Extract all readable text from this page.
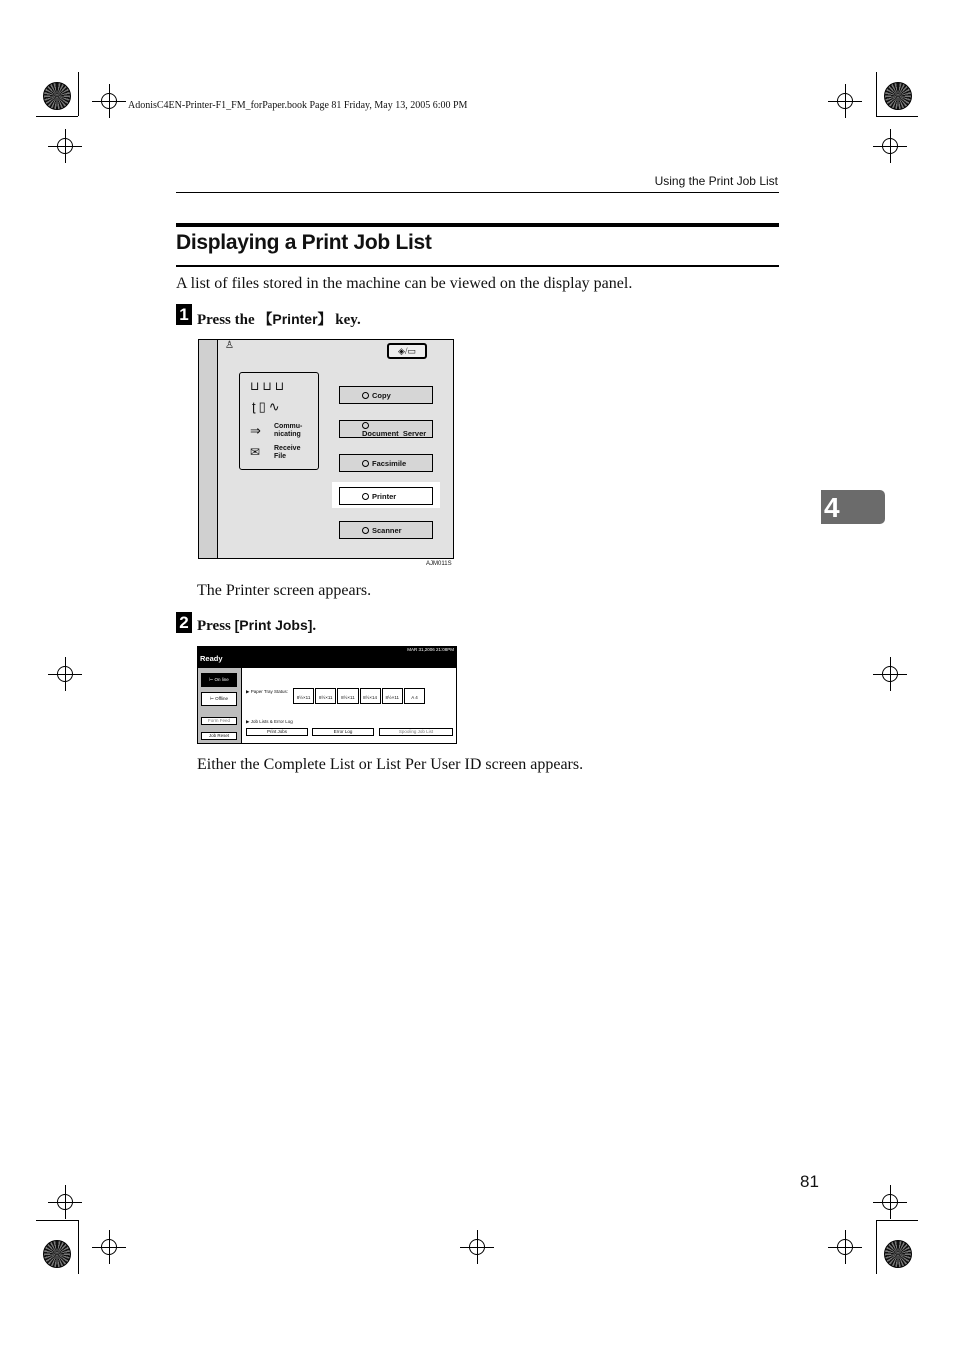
AdonisC4EN-Printer-F1_FM_forPaper.book Page 81 Friday, May 13, 2005 6:00 PM
Using the Print Job List
Displaying a Print Job List
A list of files stored in the machine can be viewed on the display panel.
1 Press the 【Printer】 key.
♙	◈/▭
⊔⊔⊔
ʈ▯∿
⇒ Commu-
nicating
✉ Receive
File
Copy
Document  Server
Facsimile
Printer
Scanner
AJM011S
The Printer screen appears.
2 Press [Print Jobs].
Ready
MAR 31,2006 21:08PM
⊢ On line
⊢ Offline
Form Feed
Job Reset
▶ Paper Tray Status:
8½×11	8½×11	8½×11	8½×14	8½×11	A 4
▶ Job Lists & Error Log
Print Jobs	Error Log	Spooling Job List
Either the Complete List or List Per User ID screen appears.
4
81
